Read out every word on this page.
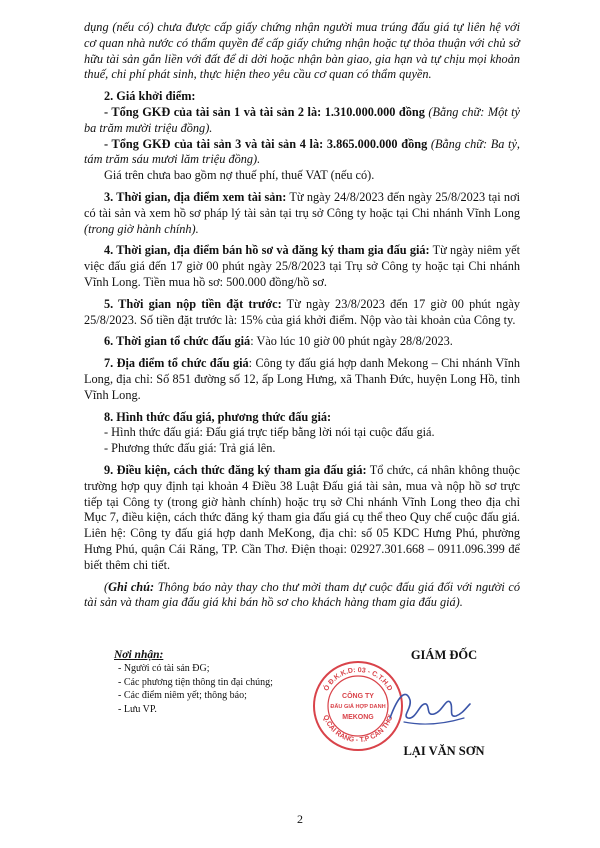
dụng (nếu có) chưa được cấp giấy chứng nhận người mua trúng đấu giá tự liên hệ với cơ quan nhà nước có thẩm quyền để cấp giấy chứng nhận hoặc tự thỏa thuận với chủ sở hữu tài sản gắn liền với đất để di dời hoặc nhận bàn giao, gia hạn và tự chịu mọi khoản thuế, chi phí phát sinh, thực hiện theo yêu cầu cơ quan có thẩm quyền.

2. Giá khởi điểm:

- Tổng GKĐ của tài sản 1 và tài sản 2 là: 1.310.000.000 đồng (Bằng chữ: Một tỷ ba trăm mười triệu đồng).

- Tổng GKĐ của tài sản 3 và tài sản 4 là: 3.865.000.000 đồng (Bằng chữ: Ba tỷ, tám trăm sáu mươi lăm triệu đồng).

Giá trên chưa bao gồm nợ thuế phí, thuế VAT (nếu có).

3. Thời gian, địa điểm xem tài sản: Từ ngày 24/8/2023 đến ngày 25/8/2023 tại nơi có tài sản và xem hồ sơ pháp lý tài sản tại trụ sở Công ty hoặc tại Chi nhánh Vĩnh Long (trong giờ hành chính).

4. Thời gian, địa điểm bán hồ sơ và đăng ký tham gia đấu giá: Từ ngày niêm yết việc đấu giá đến 17 giờ 00 phút ngày 25/8/2023 tại Trụ sở Công ty hoặc tại Chi nhánh Vĩnh Long. Tiền mua hồ sơ: 500.000 đồng/hồ sơ.

5. Thời gian nộp tiền đặt trước: Từ ngày 23/8/2023 đến 17 giờ 00 phút ngày 25/8/2023. Số tiền đặt trước là: 15% của giá khởi điểm. Nộp vào tài khoản của Công ty.

6. Thời gian tổ chức đấu giá: Vào lúc 10 giờ 00 phút ngày 28/8/2023.

7. Địa điểm tổ chức đấu giá: Công ty đấu giá hợp danh Mekong – Chi nhánh Vĩnh Long, địa chỉ: Số 851 đường số 12, ấp Long Hưng, xã Thanh Đức, huyện Long Hồ, tỉnh Vĩnh Long.

8. Hình thức đấu giá, phương thức đấu giá:

- Hình thức đấu giá: Đấu giá trực tiếp bằng lời nói tại cuộc đấu giá.

- Phương thức đấu giá: Trả giá lên.

9. Điều kiện, cách thức đăng ký tham gia đấu giá: Tổ chức, cá nhân không thuộc trường hợp quy định tại khoản 4 Điều 38 Luật Đấu giá tài sản, mua và nộp hồ sơ trực tiếp tại Công ty (trong giờ hành chính) hoặc trụ sở Chi nhánh Vĩnh Long theo địa chỉ Mục 7, điều kiện, cách thức đăng ký tham gia đấu giá cụ thể theo Quy chế cuộc đấu giá. Liên hệ: Công ty đấu giá hợp danh MeKong, địa chỉ: số 05 KDC Hưng Phú, phường Hưng Phú, quận Cái Răng, TP. Cần Thơ. Điện thoại: 02927.301.668 – 0911.096.399 để biết thêm chi tiết.

(Ghi chú: Thông báo này thay cho thư mời tham dự cuộc đấu giá đối với người có tài sản và tham gia đấu giá khi bán hồ sơ cho khách hàng tham gia đấu giá).

Nơi nhận:
- Người có tài sản ĐG;
- Các phương tiện thông tin đại chúng;
- Các điểm niêm yết; thông báo;
- Lưu VP.
Ó Đ.K.K.D: 03 - C.T.H.D
Q.CÁI RĂNG - T.P CẦN THƠ
CÔNG TY
ĐẤU GIÁ HỢP DANH
MEKONG
GIÁM ĐỐC
LẠI VĂN SƠN
2
